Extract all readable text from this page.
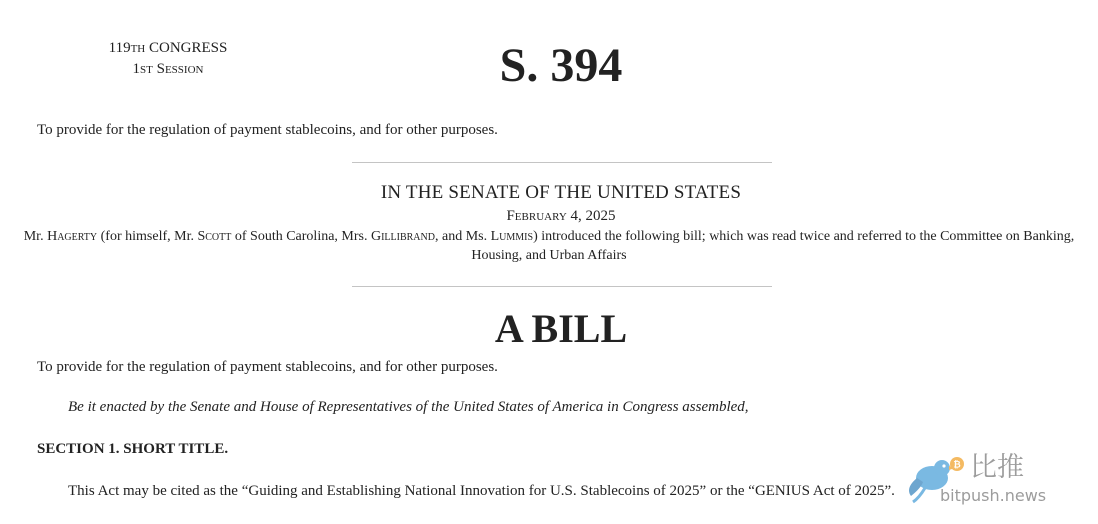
119th CONGRESS
1st Session	S. 394
To provide for the regulation of payment stablecoins, and for other purposes.
IN THE SENATE OF THE UNITED STATES
February 4, 2025
Mr. Hagerty (for himself, Mr. Scott of South Carolina, Mrs. Gillibrand, and Ms. Lummis) introduced the following bill; which was read twice and referred to the Committee on Banking, Housing, and Urban Affairs
A BILL
To provide for the regulation of payment stablecoins, and for other purposes.
Be it enacted by the Senate and House of Representatives of the United States of America in Congress assembled,
SECTION 1. SHORT TITLE.
This Act may be cited as the “Guiding and Establishing National Innovation for U.S. Stablecoins of 2025” or the “GENIUS Act of 2025”.
₿ 比推
bitpush.news
